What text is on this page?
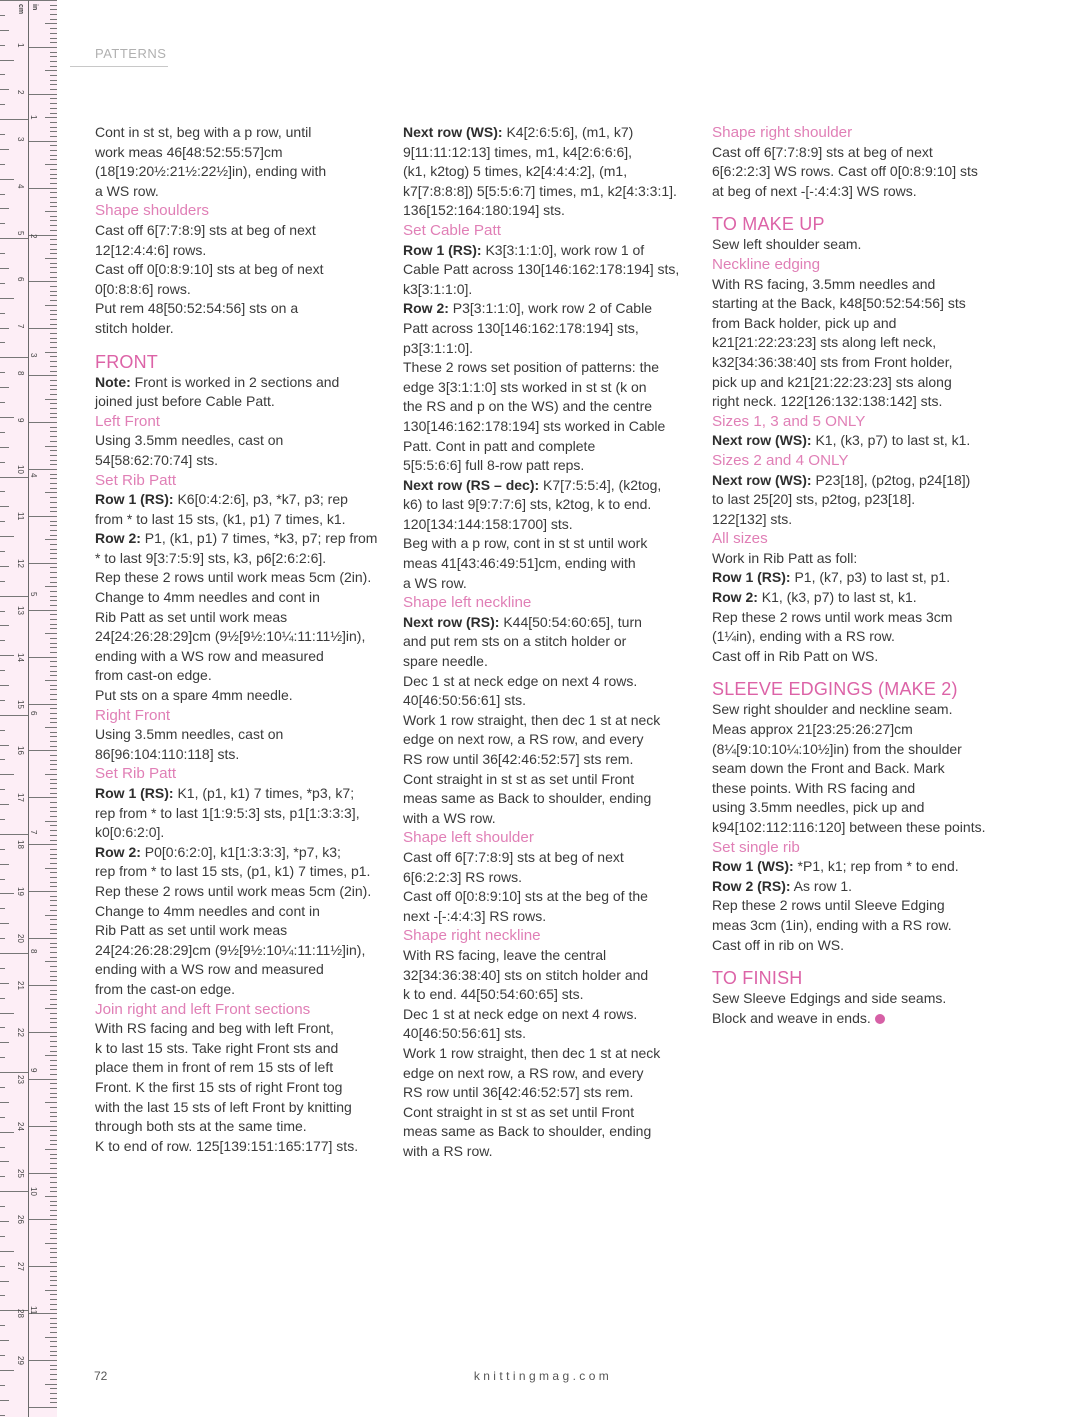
cm in
1
2
3
4
5
6
7
8
9
10
11
12
13
14
15
16
17
18
19
20
21
22
23
24
25
26
27
28
29
1
2
3
4
5
6
7
8
9
10
11
PATTERNS
Cont in st st, beg with a p row, until
work meas 46[48:52:55:57]cm
(18[19:20½:21½:22½]in), ending with
a WS row.
Shape shoulders
Cast off 6[7:7:8:9] sts at beg of next
12[12:4:4:6] rows.
Cast off 0[0:8:9:10] sts at beg of next
0[0:8:8:6] rows.
Put rem 48[50:52:54:56] sts on a
stitch holder.
FRONT
Note: Front is worked in 2 sections and
joined just before Cable Patt.
Left Front
Using 3.5mm needles, cast on
54[58:62:70:74] sts.
Set Rib Patt
Row 1 (RS): K6[0:4:2:6], p3, *k7, p3; rep
from * to last 15 sts, (k1, p1) 7 times, k1.
Row 2: P1, (k1, p1) 7 times, *k3, p7; rep from
* to last 9[3:7:5:9] sts, k3, p6[2:6:2:6].
Rep these 2 rows until work meas 5cm (2in).
Change to 4mm needles and cont in
Rib Patt as set until work meas
24[24:26:28:29]cm (9½[9½:10¼:11:11½]in),
ending with a WS row and measured
from cast-on edge.
Put sts on a spare 4mm needle.
Right Front
Using 3.5mm needles, cast on
86[96:104:110:118] sts.
Set Rib Patt
Row 1 (RS): K1, (p1, k1) 7 times, *p3, k7;
rep from * to last 1[1:9:5:3] sts, p1[1:3:3:3],
k0[0:6:2:0].
Row 2: P0[0:6:2:0], k1[1:3:3:3], *p7, k3;
rep from * to last 15 sts, (p1, k1) 7 times, p1.
Rep these 2 rows until work meas 5cm (2in).
Change to 4mm needles and cont in
Rib Patt as set until work meas
24[24:26:28:29]cm (9½[9½:10¼:11:11½]in),
ending with a WS row and measured
from the cast-on edge.
Join right and left Front sections
With RS facing and beg with left Front,
k to last 15 sts. Take right Front sts and
place them in front of rem 15 sts of left
Front. K the first 15 sts of right Front tog
with the last 15 sts of left Front by knitting
through both sts at the same time.
K to end of row. 125[139:151:165:177] sts.
Next row (WS): K4[2:6:5:6], (m1, k7)
9[11:11:12:13] times, m1, k4[2:6:6:6],
(k1, k2tog) 5 times, k2[4:4:4:2], (m1,
k7[7:8:8:8]) 5[5:5:6:7] times, m1, k2[4:3:3:1].
136[152:164:180:194] sts.
Set Cable Patt
Row 1 (RS): K3[3:1:1:0], work row 1 of
Cable Patt across 130[146:162:178:194] sts,
k3[3:1:1:0].
Row 2: P3[3:1:1:0], work row 2 of Cable
Patt across 130[146:162:178:194] sts,
p3[3:1:1:0].
These 2 rows set position of patterns: the
edge 3[3:1:1:0] sts worked in st st (k on
the RS and p on the WS) and the centre
130[146:162:178:194] sts worked in Cable
Patt. Cont in patt and complete
5[5:5:6:6] full 8-row patt reps.
Next row (RS – dec): K7[7:5:5:4], (k2tog,
k6) to last 9[9:7:7:6] sts, k2tog, k to end.
120[134:144:158:1700] sts.
Beg with a p row, cont in st st until work
meas 41[43:46:49:51]cm, ending with
a WS row.
Shape left neckline
Next row (RS): K44[50:54:60:65], turn
and put rem sts on a stitch holder or
spare needle.
Dec 1 st at neck edge on next 4 rows.
40[46:50:56:61] sts.
Work 1 row straight, then dec 1 st at neck
edge on next row, a RS row, and every
RS row until 36[42:46:52:57] sts rem.
Cont straight in st st as set until Front
meas same as Back to shoulder, ending
with a WS row.
Shape left shoulder
Cast off 6[7:7:8:9] sts at beg of next
6[6:2:2:3] RS rows.
Cast off 0[0:8:9:10] sts at the beg of the
next -[-:4:4:3] RS rows.
Shape right neckline
With RS facing, leave the central
32[34:36:38:40] sts on stitch holder and
k to end. 44[50:54:60:65] sts.
Dec 1 st at neck edge on next 4 rows.
40[46:50:56:61] sts.
Work 1 row straight, then dec 1 st at neck
edge on next row, a RS row, and every
RS row until 36[42:46:52:57] sts rem.
Cont straight in st st as set until Front
meas same as Back to shoulder, ending
with a RS row.
Shape right shoulder
Cast off 6[7:7:8:9] sts at beg of next
6[6:2:2:3] WS rows. Cast off 0[0:8:9:10] sts
at beg of next -[-:4:4:3] WS rows.
TO MAKE UP
Sew left shoulder seam.
Neckline edging
With RS facing, 3.5mm needles and
starting at the Back, k48[50:52:54:56] sts
from Back holder, pick up and
k21[21:22:23:23] sts along left neck,
k32[34:36:38:40] sts from Front holder,
pick up and k21[21:22:23:23] sts along
right neck. 122[126:132:138:142] sts.
Sizes 1, 3 and 5 ONLY
Next row (WS): K1, (k3, p7) to last st, k1.
Sizes 2 and 4 ONLY
Next row (WS): P23[18], (p2tog, p24[18])
to last 25[20] sts, p2tog, p23[18].
122[132] sts.
All sizes
Work in Rib Patt as foll:
Row 1 (RS): P1, (k7, p3) to last st, p1.
Row 2: K1, (k3, p7) to last st, k1.
Rep these 2 rows until work meas 3cm
(1¼in), ending with a RS row.
Cast off in Rib Patt on WS.
SLEEVE EDGINGS (MAKE 2)
Sew right shoulder and neckline seam.
Meas approx 21[23:25:26:27]cm
(8¼[9:10:10¼:10½]in) from the shoulder
seam down the Front and Back. Mark
these points. With RS facing and
using 3.5mm needles, pick up and
k94[102:112:116:120] between these points.
Set single rib
Row 1 (WS): *P1, k1; rep from * to end.
Row 2 (RS): As row 1.
Rep these 2 rows until Sleeve Edging
meas 3cm (1in), ending with a RS row.
Cast off in rib on WS.
TO FINISH
Sew Sleeve Edgings and side seams.
Block and weave in ends.
72	knittingmag.com
